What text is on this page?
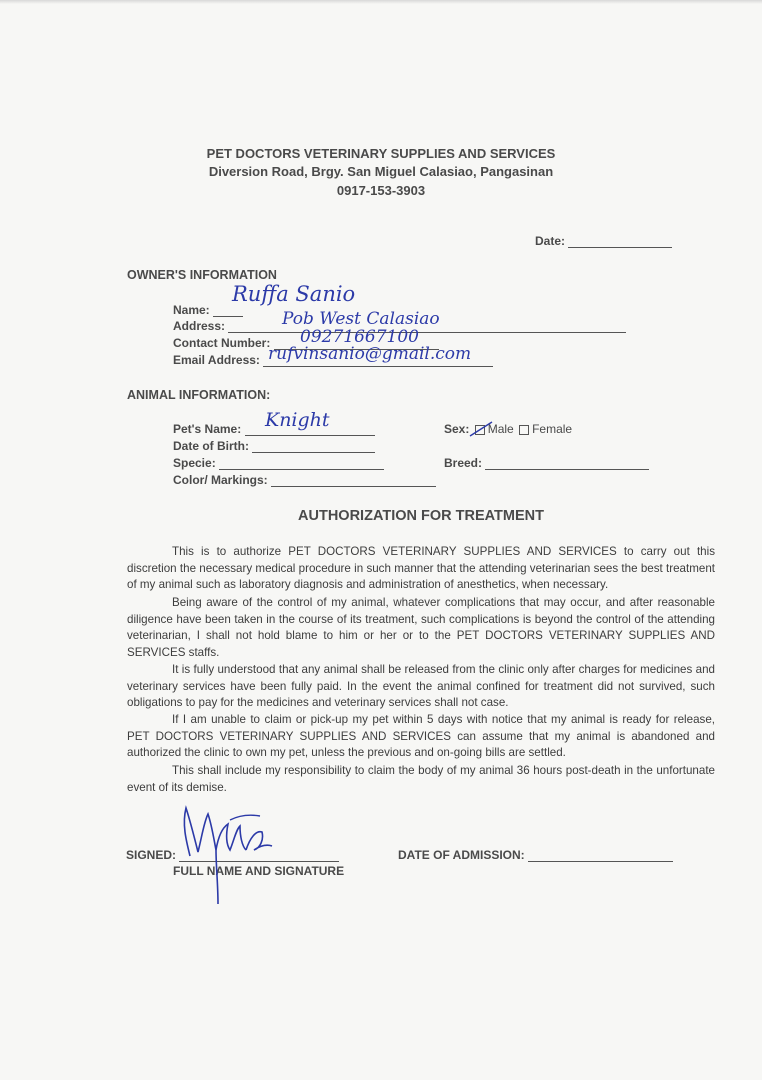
PET DOCTORS VETERINARY SUPPLIES AND SERVICES
Diversion Road, Brgy. San Miguel Calasiao, Pangasinan
0917-153-3903
Date:
OWNER'S INFORMATION
Name:
Ruffa Sanio
Address:	Pob West Calasiao
Contact Number:	09271667100
Email Address: rufvinsanio@gmail.com
ANIMAL INFORMATION:
Pet's Name:	Knight	Sex: Male Female
Date of Birth:
Specie:	Breed:
Color/ Markings:
AUTHORIZATION FOR TREATMENT
This is to authorize PET DOCTORS VETERINARY SUPPLIES AND SERVICES to carry out this discretion the necessary medical procedure in such manner that the attending veterinarian sees the best treatment of my animal such as laboratory diagnosis and administration of anesthetics, when necessary.
Being aware of the control of my animal, whatever complications that may occur, and after reasonable diligence have been taken in the course of its treatment, such complications is beyond the control of the attending veterinarian, I shall not hold blame to him or her or to the PET DOCTORS VETERINARY SUPPLIES AND SERVICES staffs.
It is fully understood that any animal shall be released from the clinic only after charges for medicines and veterinary services have been fully paid. In the event the animal confined for treatment did not survived, such obligations to pay for the medicines and veterinary services shall not case.
If I am unable to claim or pick-up my pet within 5 days with notice that my animal is ready for release, PET DOCTORS VETERINARY SUPPLIES AND SERVICES can assume that my animal is abandoned and authorized the clinic to own my pet, unless the previous and on-going bills are settled.
This shall include my responsibility to claim the body of my animal 36 hours post-death in the unfortunate event of its demise.
SIGNED:
FULL NAME AND SIGNATURE
DATE OF ADMISSION:
